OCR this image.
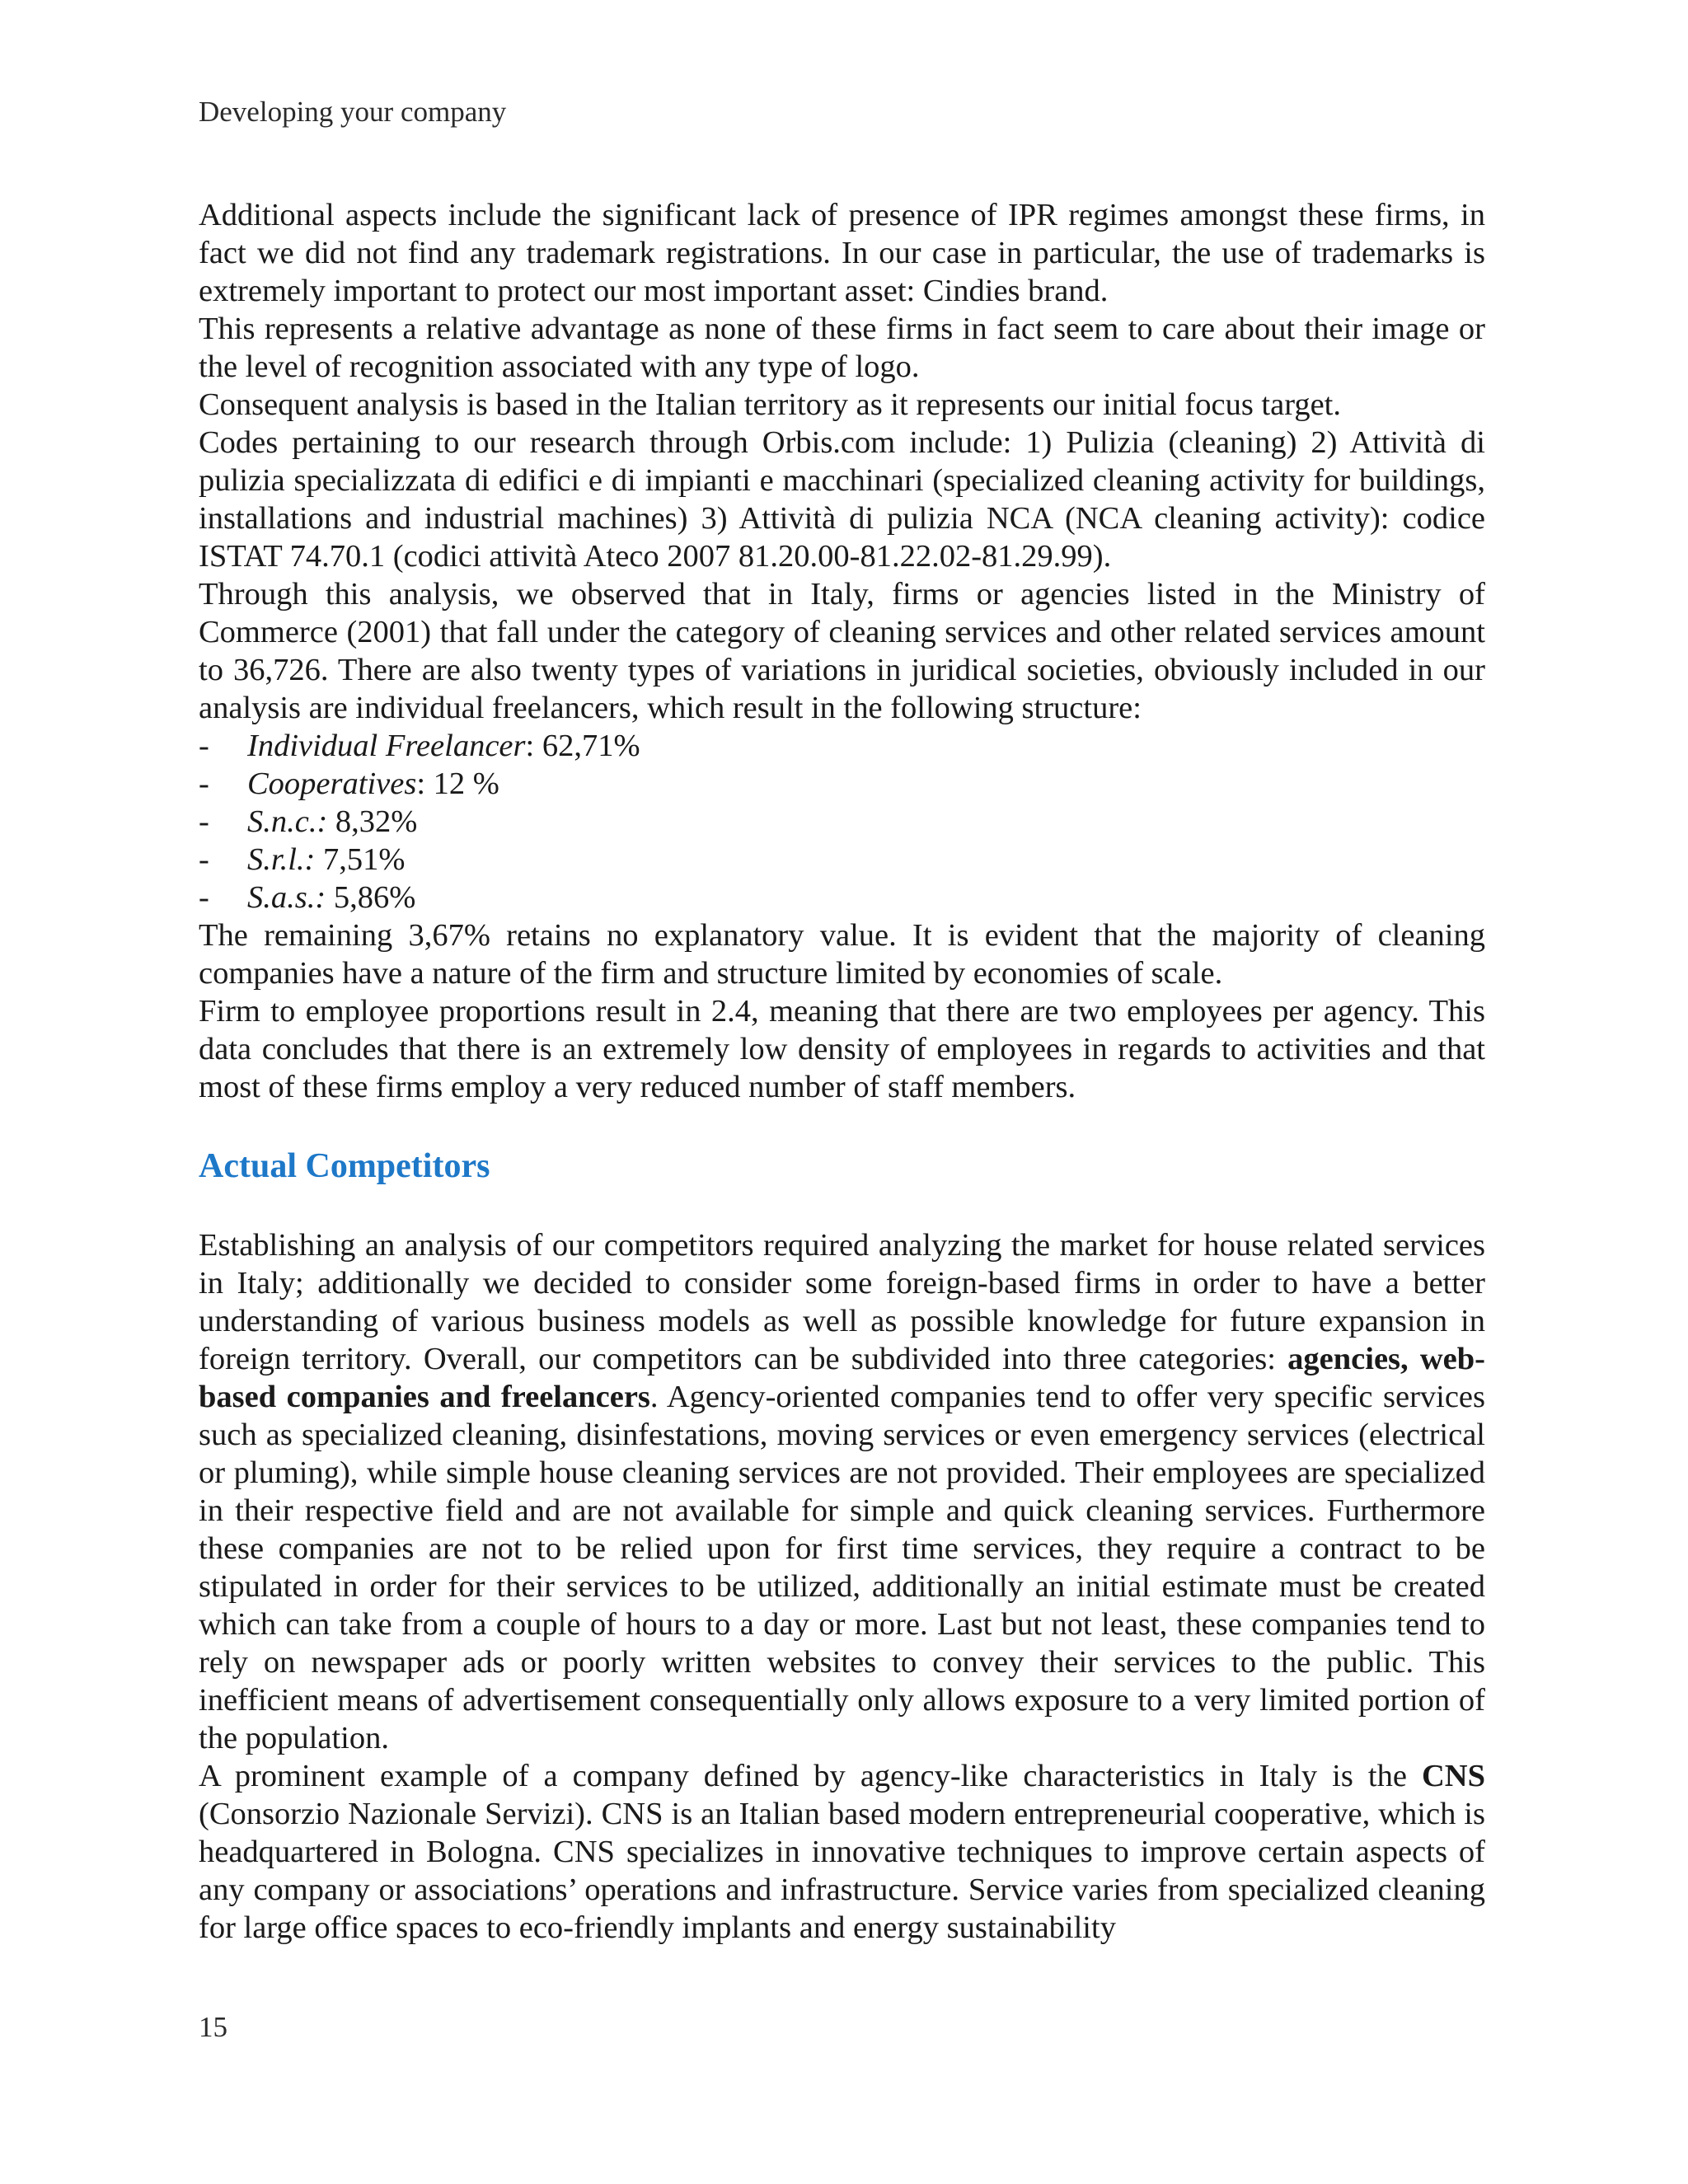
Developing your company

Additional aspects include the significant lack of presence of IPR regimes amongst these firms, in fact we did not find any trademark registrations. In our case in particular, the use of trademarks is extremely important to protect our most important asset: Cindies brand.

This represents a relative advantage as none of these firms in fact seem to care about their image or the level of recognition associated with any type of logo.

Consequent analysis is based in the Italian territory as it represents our initial focus target.

Codes pertaining to our research through Orbis.com include: 1) Pulizia (cleaning) 2) Attività di pulizia specializzata di edifici e di impianti e macchinari (specialized cleaning activity for buildings, installations and industrial machines) 3) Attività di pulizia NCA (NCA cleaning activity): codice ISTAT 74.70.1 (codici attività Ateco 2007 81.20.00-81.22.02-81.29.99).

Through this analysis, we observed that in Italy, firms or agencies listed in the Ministry of Commerce (2001) that fall under the category of cleaning services and other related services amount to 36,726. There are also twenty types of variations in juridical societies, obviously included in our analysis are individual freelancers, which result in the following structure:

- Individual Freelancer: 62,71%
- Cooperatives: 12 %
- S.n.c.: 8,32%
- S.r.l.: 7,51%
- S.a.s.: 5,86%

The remaining 3,67% retains no explanatory value. It is evident that the majority of cleaning companies have a nature of the firm and structure limited by economies of scale.

Firm to employee proportions result in 2.4, meaning that there are two employees per agency. This data concludes that there is an extremely low density of employees in regards to activities and that most of these firms employ a very reduced number of staff members.

Actual Competitors

Establishing an analysis of our competitors required analyzing the market for house related services in Italy; additionally we decided to consider some foreign-based firms in order to have a better understanding of various business models as well as possible knowledge for future expansion in foreign territory. Overall, our competitors can be subdivided into three categories: agencies, web-based companies and freelancers. Agency-oriented companies tend to offer very specific services such as specialized cleaning, disinfestations, moving services or even emergency services (electrical or pluming), while simple house cleaning services are not provided. Their employees are specialized in their respective field and are not available for simple and quick cleaning services. Furthermore these companies are not to be relied upon for first time services, they require a contract to be stipulated in order for their services to be utilized, additionally an initial estimate must be created which can take from a couple of hours to a day or more. Last but not least, these companies tend to rely on newspaper ads or poorly written websites to convey their services to the public. This inefficient means of advertisement consequentially only allows exposure to a very limited portion of the population.

A prominent example of a company defined by agency-like characteristics in Italy is the CNS (Consorzio Nazionale Servizi). CNS is an Italian based modern entrepreneurial cooperative, which is headquartered in Bologna. CNS specializes in innovative techniques to improve certain aspects of any company or associations’ operations and infrastructure. Service varies from specialized cleaning for large office spaces to eco-friendly implants and energy sustainability

15
